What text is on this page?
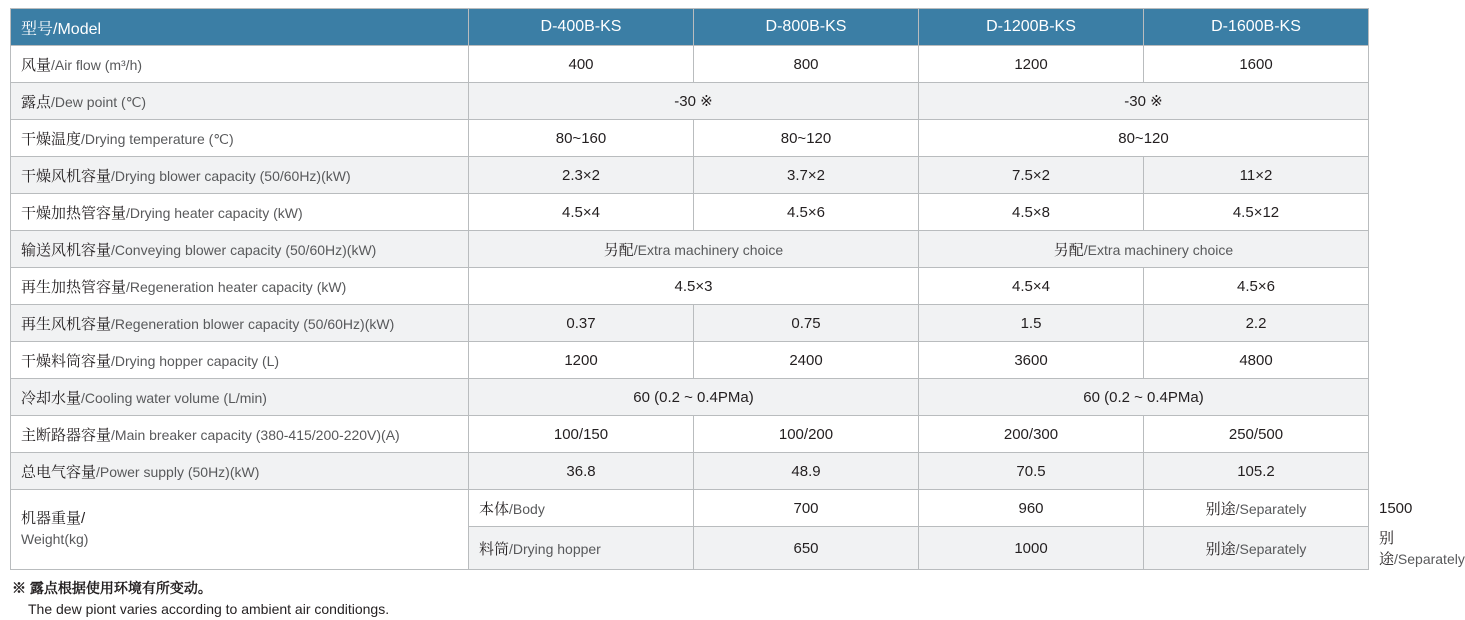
型号/Model	D-400B-KS	D-800B-KS	D-1200B-KS	D-1600B-KS	
风量/Air flow (m³/h)	400	800	1200	1600	
露点/Dew point (℃)	-30 ※		-30 ※		
干燥温度/Drying temperature (℃)	80~160	80~120	80~120		
干燥风机容量/Drying blower capacity (50/60Hz)(kW)	2.3×2	3.7×2	7.5×2	11×2	
干燥加热管容量/Drying heater capacity (kW)	4.5×4	4.5×6	4.5×8	4.5×12	
输送风机容量/Conveying blower capacity (50/60Hz)(kW)	另配/Extra machinery choice		另配/Extra machinery choice		
再生加热管容量/Regeneration heater capacity (kW)	4.5×3		4.5×4	4.5×6	
再生风机容量/Regeneration blower capacity (50/60Hz)(kW)	0.37	0.75	1.5	2.2	
干燥料筒容量/Drying hopper capacity (L)	1200	2400	3600	4800	
冷却水量/Cooling water volume (L/min)	60 (0.2 ~ 0.4PMa)		60 (0.2 ~ 0.4PMa)		
主断路器容量/Main breaker capacity (380-415/200-220V)(A)	100/150	100/200	200/300	250/500	
总电气容量/Power supply (50Hz)(kW)	36.8	48.9	70.5	105.2	
机器重量/
Weight(kg)	本体/Body	700	960	别途/Separately	1500
	料筒/Drying hopper	650	1000	别途/Separately	别途/Separately
※ 露点根据使用环境有所变动。
The dew piont varies according to ambient air conditiongs.
